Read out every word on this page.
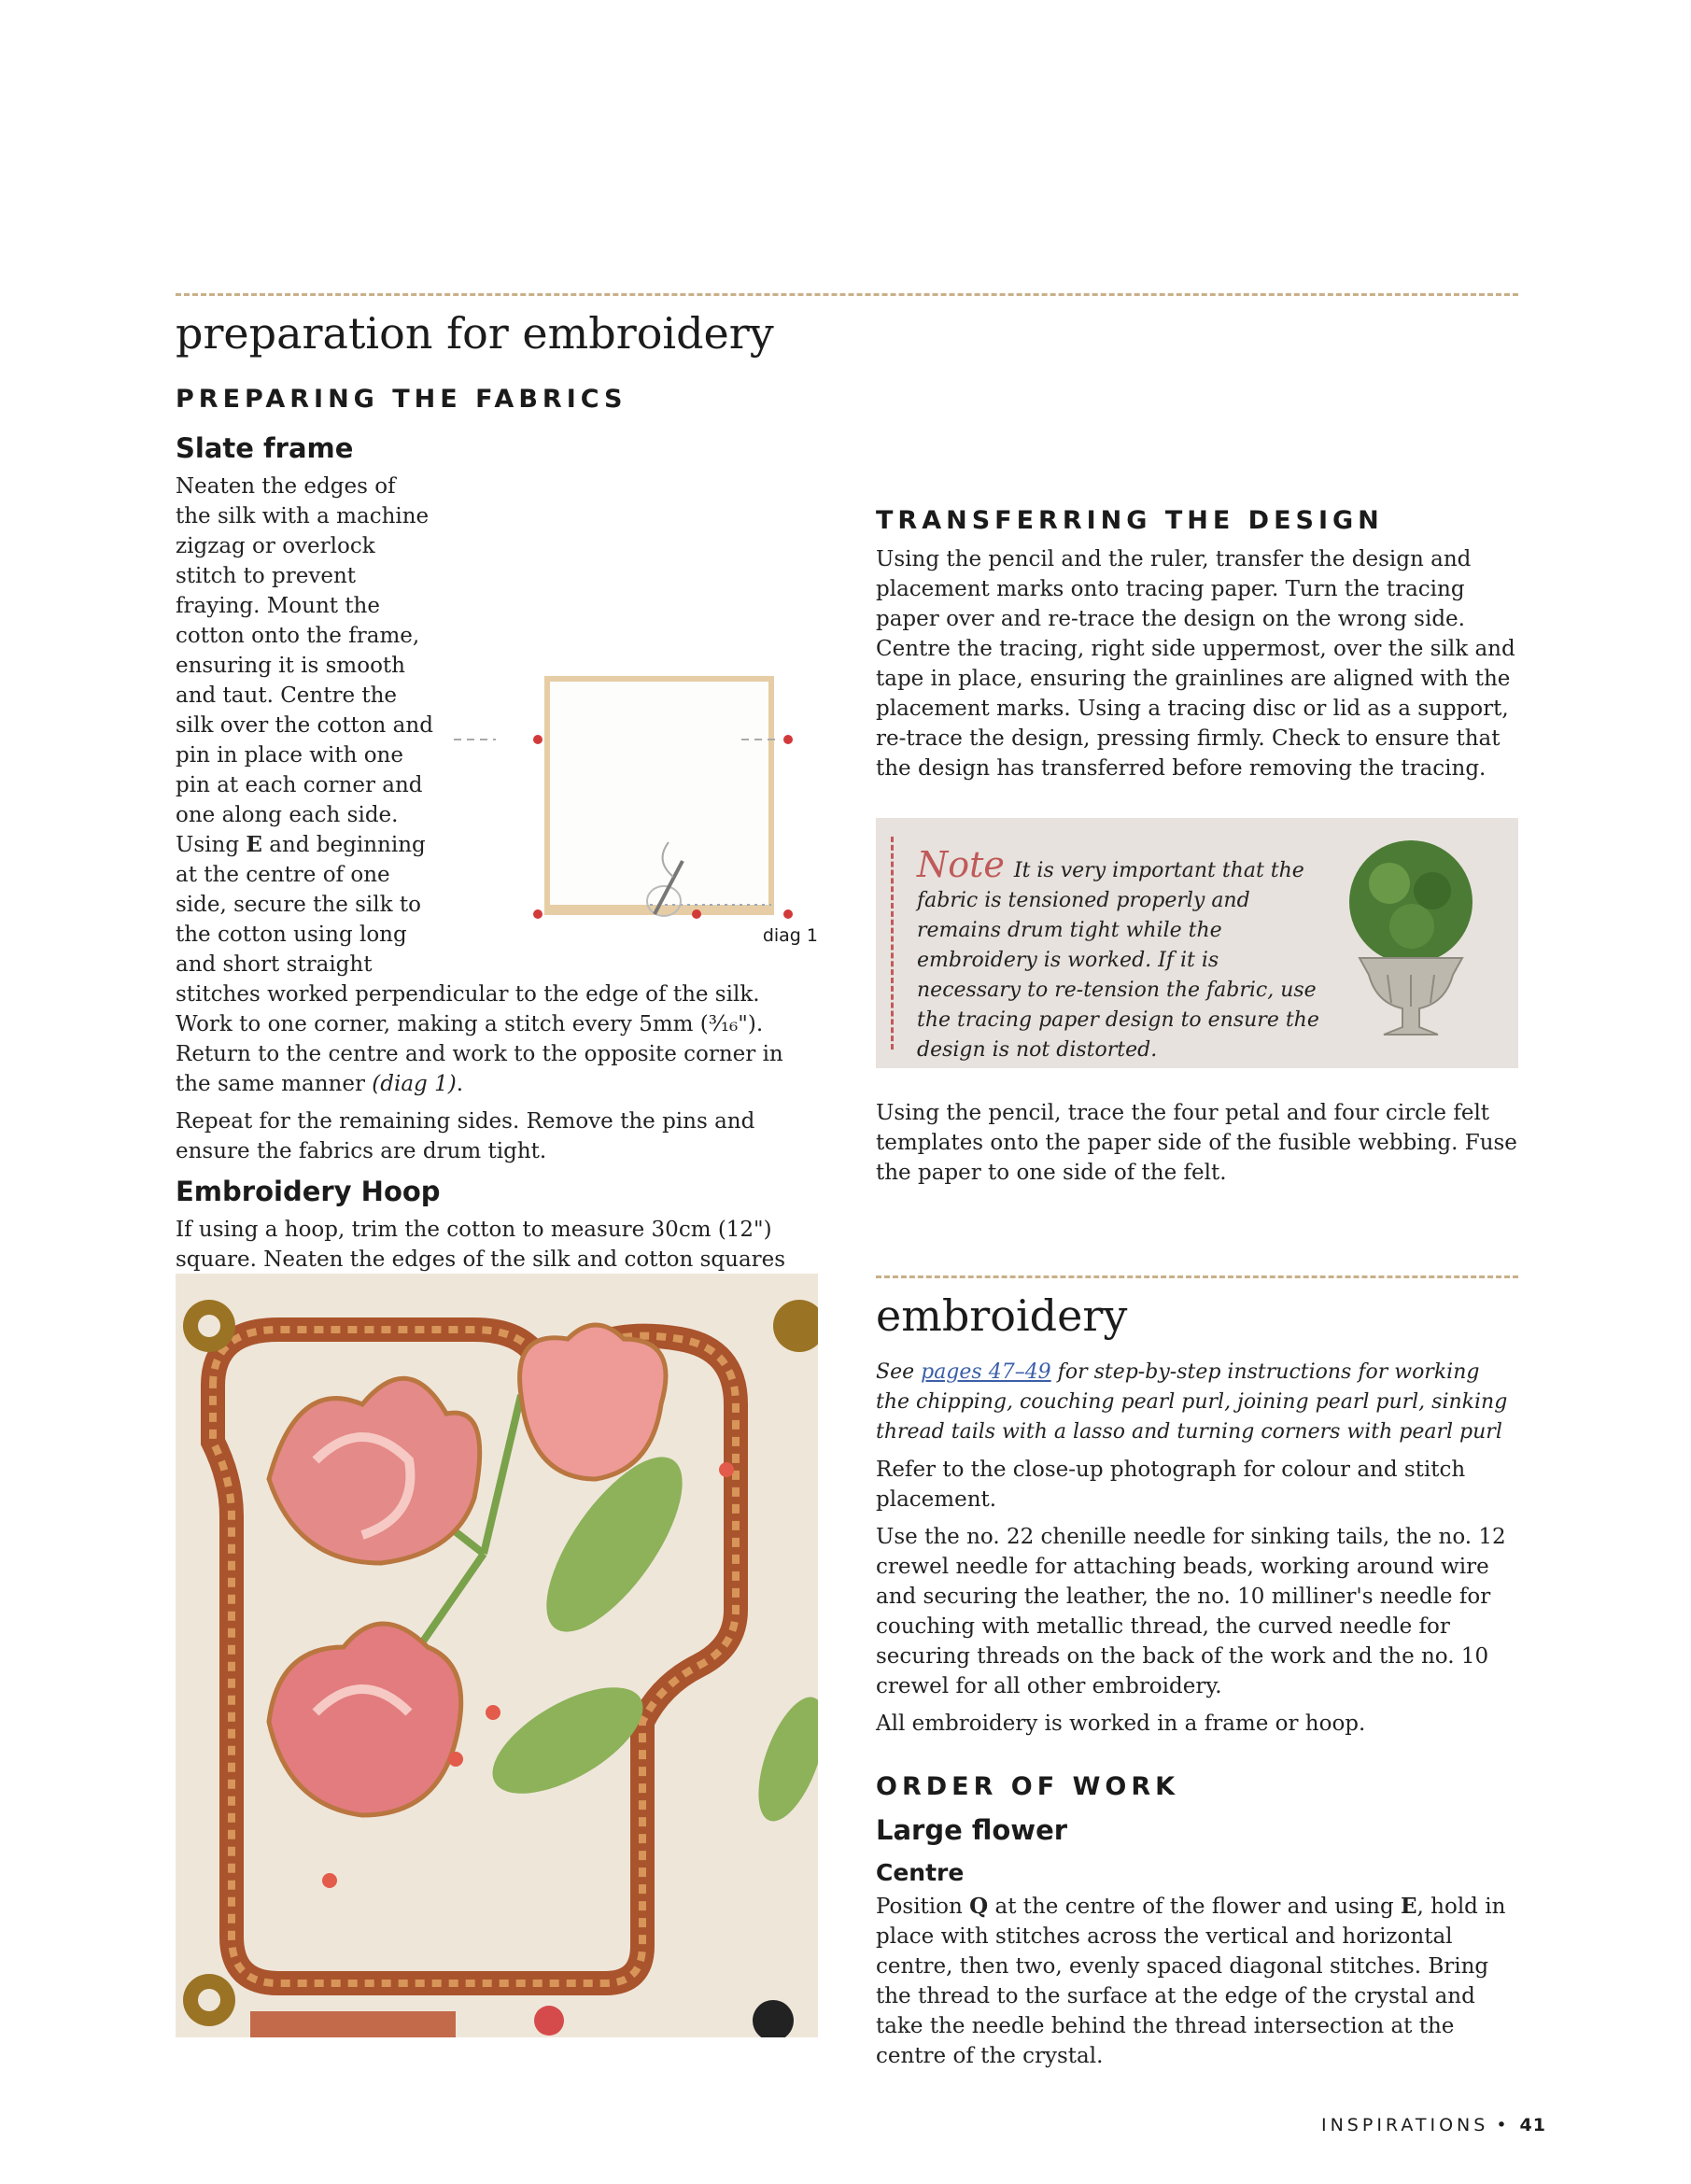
preparation for embroidery
PREPARING THE FABRICS
Slate frame
diag 1

Neaten the edges of the silk with a machine zigzag or overlock stitch to prevent fraying. Mount the cotton onto the frame, ensuring it is smooth and taut. Centre the silk over the cotton and pin in place with one pin at each corner and one along each side. Using E and beginning at the centre of one side, secure the silk to the cotton using long and short straight stitches worked perpendicular to the edge of the silk. Work to one corner, making a stitch every 5mm (³⁄₁₆"). Return to the centre and work to the opposite corner in the same manner (diag 1).

Repeat for the remaining sides. Remove the pins and ensure the fabrics are drum tight.

Embroidery Hoop

If using a hoop, trim the cotton to measure 30cm (12") square. Neaten the edges of the silk and cotton squares

TRANSFERRING THE DESIGN

Using the pencil and the ruler, transfer the design and placement marks onto tracing paper. Turn the tracing paper over and re-trace the design on the wrong side. Centre the tracing, right side uppermost, over the silk and tape in place, ensuring the grainlines are aligned with the placement marks. Using a tracing disc or lid as a support, re-trace the design, pressing firmly. Check to ensure that the design has transferred before removing the tracing.

Note It is very important that the fabric is tensioned properly and remains drum tight while the embroidery is worked. If it is necessary to re-tension the fabric, use the tracing paper design to ensure the design is not distorted.

Using the pencil, trace the four petal and four circle felt templates onto the paper side of the fusible webbing. Fuse the paper to one side of the felt.

embroidery

See pages 47–49 for step-by-step instructions for working the chipping, couching pearl purl, joining pearl purl, sinking thread tails with a lasso and turning corners with pearl purl

Refer to the close-up photograph for colour and stitch placement.

Use the no. 22 chenille needle for sinking tails, the no. 12 crewel needle for attaching beads, working around wire and securing the leather, the no. 10 milliner's needle for couching with metallic thread, the curved needle for securing threads on the back of the work and the no. 10 crewel for all other embroidery.

All embroidery is worked in a frame or hoop.

ORDER OF WORK
Large flower
Centre

Position Q at the centre of the flower and using E, hold in place with stitches across the vertical and horizontal centre, then two, evenly spaced diagonal stitches. Bring the thread to the surface at the edge of the crystal and take the needle behind the thread intersection at the centre of the crystal.

INSPIRATIONS • 41
